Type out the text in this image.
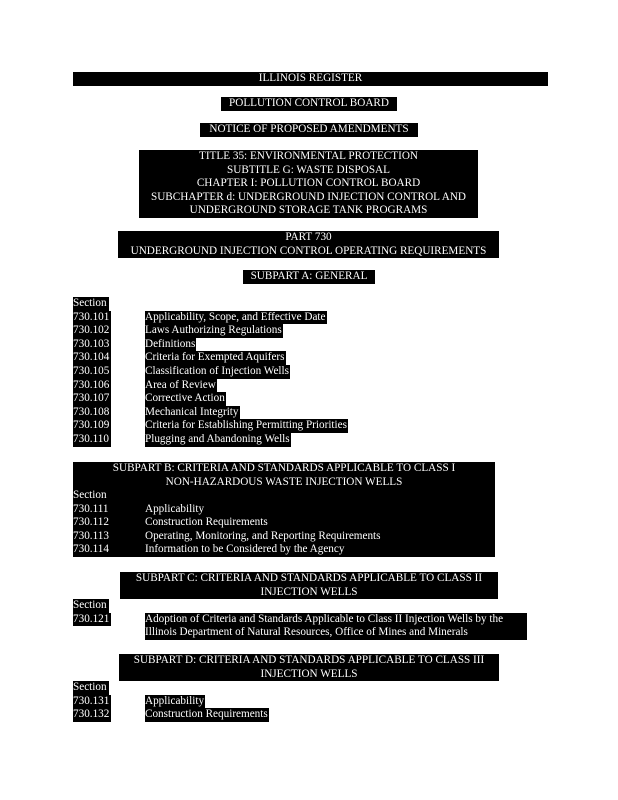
ILLINOIS REGISTER
POLLUTION CONTROL BOARD
NOTICE OF PROPOSED AMENDMENTS
TITLE 35: ENVIRONMENTAL PROTECTION
SUBTITLE G: WASTE DISPOSAL
CHAPTER I: POLLUTION CONTROL BOARD
SUBCHAPTER d: UNDERGROUND INJECTION CONTROL AND
UNDERGROUND STORAGE TANK PROGRAMS
PART 730
UNDERGROUND INJECTION CONTROL OPERATING REQUIREMENTS
SUBPART A: GENERAL
Section
730.101	Applicability, Scope, and Effective Date
730.102	Laws Authorizing Regulations
730.103	Definitions
730.104	Criteria for Exempted Aquifers
730.105	Classification of Injection Wells
730.106	Area of Review
730.107	Corrective Action
730.108	Mechanical Integrity
730.109	Criteria for Establishing Permitting Priorities
730.110	Plugging and Abandoning Wells
SUBPART B: CRITERIA AND STANDARDS APPLICABLE TO CLASS I
NON-HAZARDOUS WASTE INJECTION WELLS
Section
730.111	Applicability
730.112	Construction Requirements
730.113	Operating, Monitoring, and Reporting Requirements
730.114	Information to be Considered by the Agency
SUBPART C: CRITERIA AND STANDARDS APPLICABLE TO CLASS II
INJECTION WELLS
Section
730.121	Adoption of Criteria and Standards Applicable to Class II Injection Wells by the
Illinois Department of Natural Resources, Office of Mines and Minerals
SUBPART D: CRITERIA AND STANDARDS APPLICABLE TO CLASS III
INJECTION WELLS
Section
730.131	Applicability
730.132	Construction Requirements
